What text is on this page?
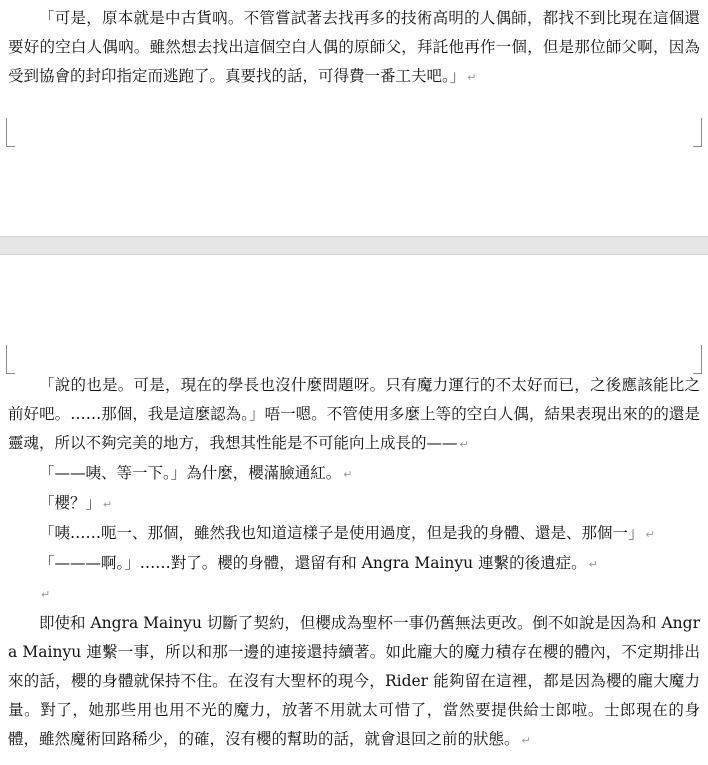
「可是，原本就是中古貨吶。不管嘗試著去找再多的技術高明的人偶師，都找不到比現在這個還要好的空白人偶吶。雖然想去找出這個空白人偶的原師父，拜託他再作一個，但是那位師父啊，因為受到協會的封印指定而逃跑了。真要找的話，可得費一番工夫吧。」 ↵

「說的也是。可是，現在的學長也沒什麼問題呀。只有魔力運行的不太好而已，之後應該能比之前好吧。……那個，我是這麼認為。」唔一嗯。不管使用多麼上等的空白人偶，結果表現出來的的還是靈魂，所以不夠完美的地方，我想其性能是不可能向上成長的—— ↵

「——咦、等一下。」為什麼，櫻滿臉通紅。 ↵

「櫻？」 ↵

「咦……呃一、那個，雖然我也知道這樣子是使用過度，但是我的身體、還是、那個一」 ↵

「———啊。」……對了。櫻的身體，還留有和 Angra Mainyu 連繫的後遺症。 ↵

↵

即使和 Angra Mainyu 切斷了契約，但櫻成為聖杯一事仍舊無法更改。倒不如說是因為和 Angra Mainyu 連繫一事，所以和那一邊的連接還持續著。如此龐大的魔力積存在櫻的體內，不定期排出來的話，櫻的身體就保持不住。在沒有大聖杯的現今，Rider 能夠留在這裡，都是因為櫻的龐大魔力量。對了，她那些用也用不光的魔力，放著不用就太可惜了，當然要提供給士郎啦。士郎現在的身體，雖然魔術回路稀少，的確，沒有櫻的幫助的話，就會退回之前的狀態。 ↵
